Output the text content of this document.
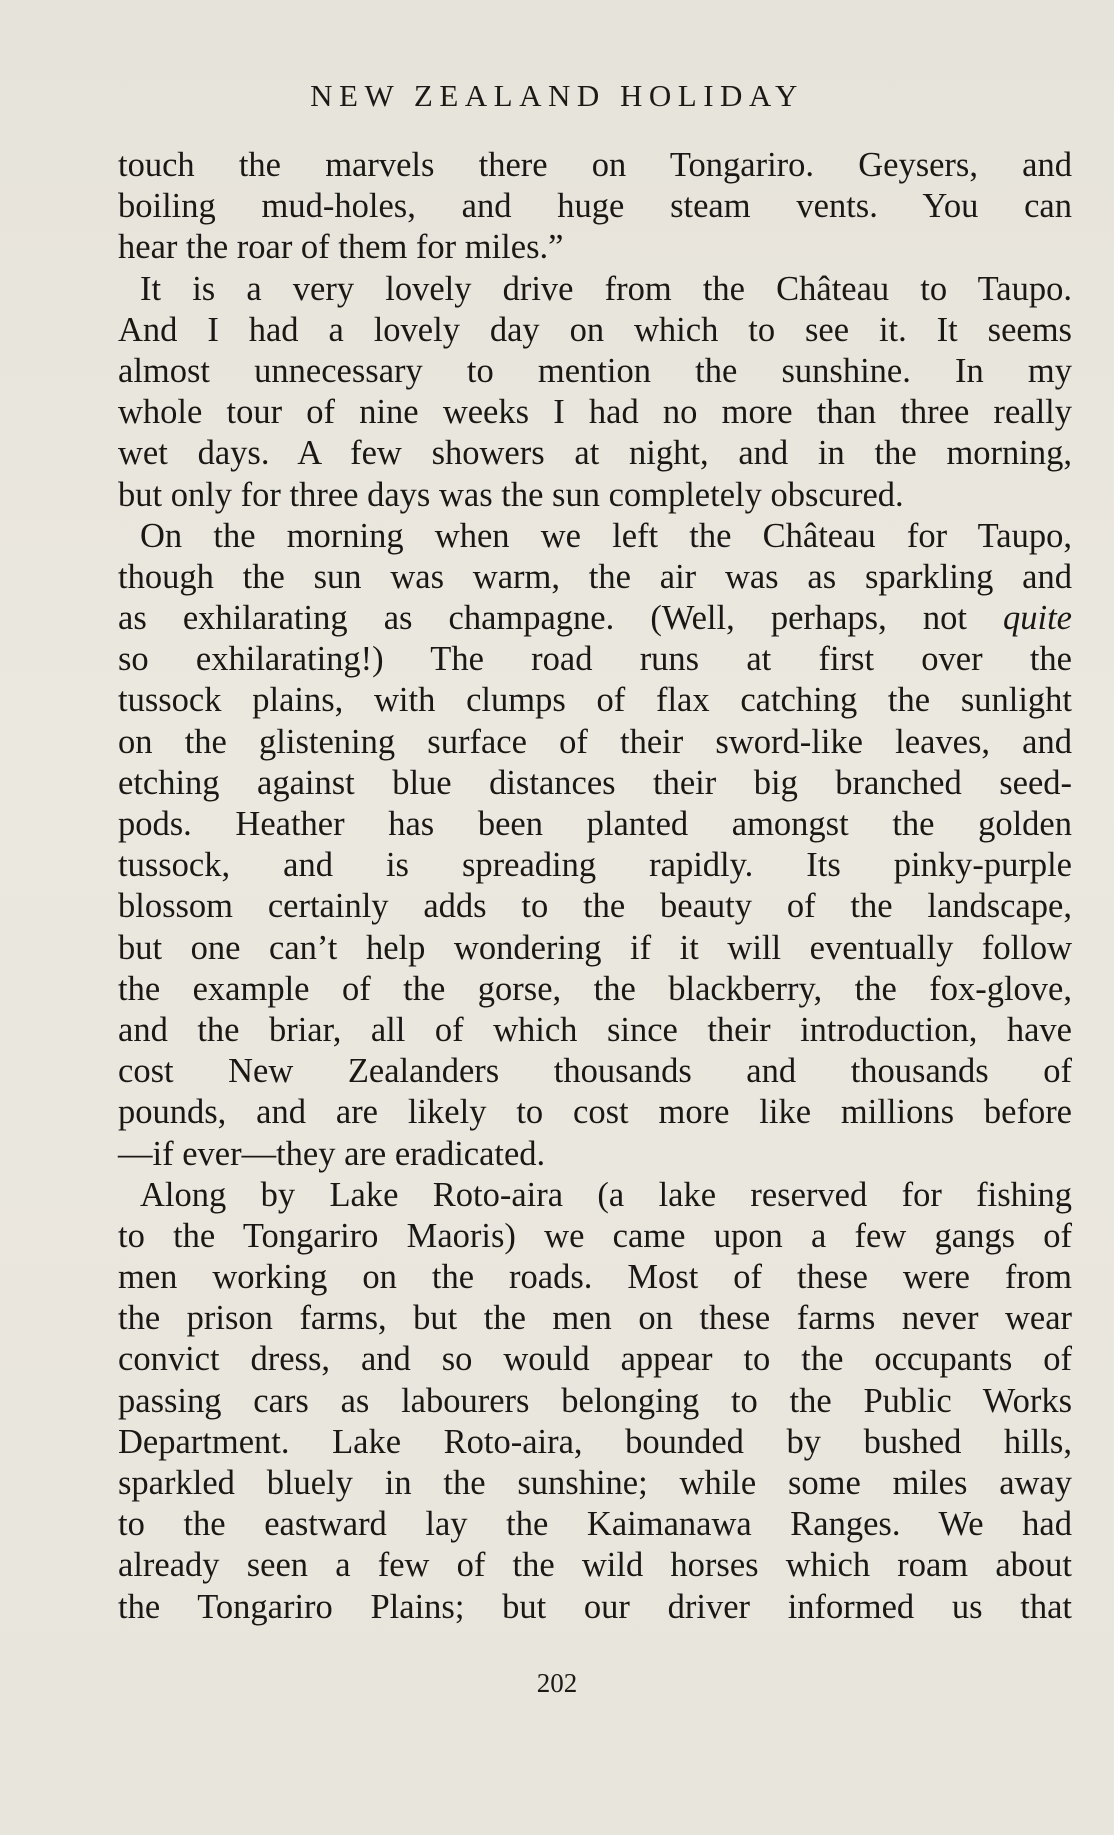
NEW ZEALAND HOLIDAY
touch the marvels there on Tongariro. Geysers, and
boiling mud-holes, and huge steam vents. You can
hear the roar of them for miles.”
It is a very lovely drive from the Château to Taupo.
And I had a lovely day on which to see it. It seems
almost unnecessary to mention the sunshine. In my
whole tour of nine weeks I had no more than three really
wet days. A few showers at night, and in the morning,
but only for three days was the sun completely obscured.
On the morning when we left the Château for Taupo,
though the sun was warm, the air was as sparkling and
as exhilarating as champagne. (Well, perhaps, not quite
so exhilarating!) The road runs at first over the
tussock plains, with clumps of flax catching the sunlight
on the glistening surface of their sword-like leaves, and
etching against blue distances their big branched seed-
pods. Heather has been planted amongst the golden
tussock, and is spreading rapidly. Its pinky-purple
blossom certainly adds to the beauty of the landscape,
but one can’t help wondering if it will eventually follow
the example of the gorse, the blackberry, the fox-glove,
and the briar, all of which since their introduction, have
cost New Zealanders thousands and thousands of
pounds, and are likely to cost more like millions before
—if ever—they are eradicated.
Along by Lake Roto-aira (a lake reserved for fishing
to the Tongariro Maoris) we came upon a few gangs of
men working on the roads. Most of these were from
the prison farms, but the men on these farms never wear
convict dress, and so would appear to the occupants of
passing cars as labourers belonging to the Public Works
Department. Lake Roto-aira, bounded by bushed hills,
sparkled bluely in the sunshine; while some miles away
to the eastward lay the Kaimanawa Ranges. We had
already seen a few of the wild horses which roam about
the Tongariro Plains; but our driver informed us that
202
